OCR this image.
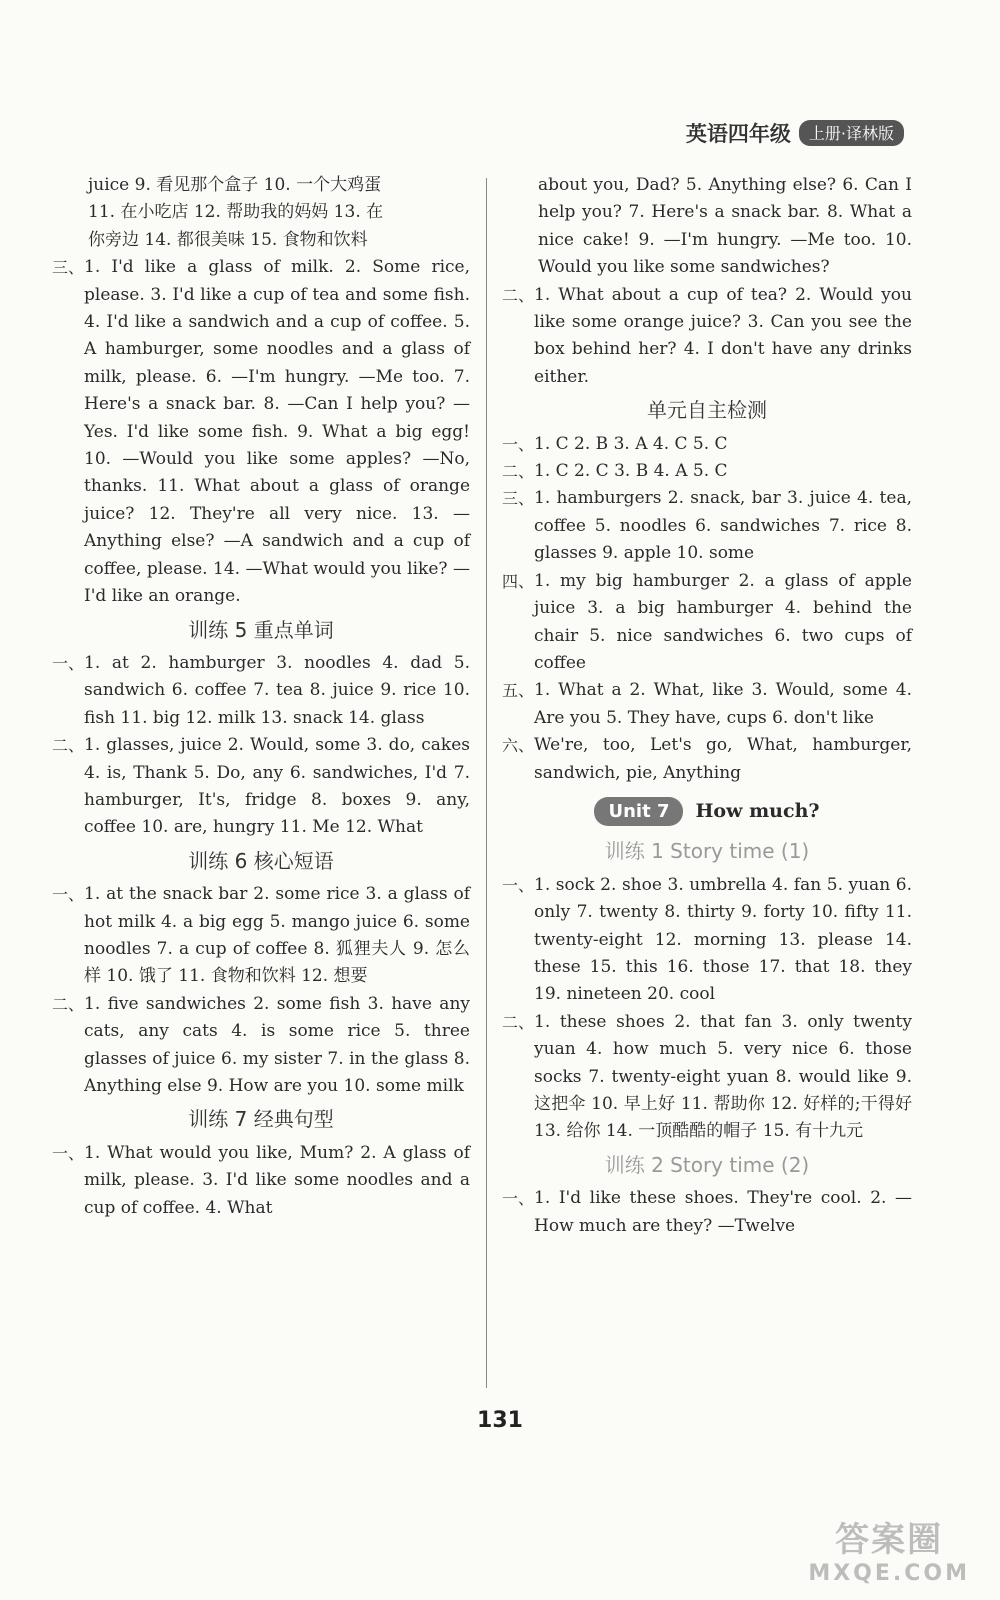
英语四年级	上册·译林版
juice 9. 看见那个盒子 10. 一个大鸡蛋
11. 在小吃店 12. 帮助我的妈妈 13. 在
你旁边 14. 都很美味 15. 食物和饮料
三、 1. I'd like a glass of milk. 2. Some rice, please. 3. I'd like a cup of tea and some fish. 4. I'd like a sandwich and a cup of coffee. 5. A hamburger, some noodles and a glass of milk, please. 6. —I'm hungry. —Me too. 7. Here's a snack bar. 8. —Can I help you? —Yes. I'd like some fish. 9. What a big egg! 10. —Would you like some apples? —No, thanks. 11. What about a glass of orange juice? 12. They're all very nice. 13. —Anything else? —A sandwich and a cup of coffee, please. 14. —What would you like? —I'd like an orange.
训练 5 重点单词
一、 1. at 2. hamburger 3. noodles 4. dad 5. sandwich 6. coffee 7. tea 8. juice 9. rice 10. fish 11. big 12. milk 13. snack 14. glass
二、 1. glasses, juice 2. Would, some 3. do, cakes 4. is, Thank 5. Do, any 6. sandwiches, I'd 7. hamburger, It's, fridge 8. boxes 9. any, coffee 10. are, hungry 11. Me 12. What
训练 6 核心短语
一、 1. at the snack bar 2. some rice 3. a glass of hot milk 4. a big egg 5. mango juice 6. some noodles 7. a cup of coffee 8. 狐狸夫人 9. 怎么样 10. 饿了 11. 食物和饮料 12. 想要
二、 1. five sandwiches 2. some fish 3. have any cats, any cats 4. is some rice 5. three glasses of juice 6. my sister 7. in the glass 8. Anything else 9. How are you 10. some milk
训练 7 经典句型
一、 1. What would you like, Mum? 2. A glass of milk, please. 3. I'd like some noodles and a cup of coffee. 4. What
about you, Dad? 5. Anything else? 6. Can I help you? 7. Here's a snack bar. 8. What a nice cake! 9. —I'm hungry. —Me too. 10. Would you like some sandwiches?
二、 1. What about a cup of tea? 2. Would you like some orange juice? 3. Can you see the box behind her? 4. I don't have any drinks either.
单元自主检测
一、 1. C 2. B 3. A 4. C 5. C
二、 1. C 2. C 3. B 4. A 5. C
三、 1. hamburgers 2. snack, bar 3. juice 4. tea, coffee 5. noodles 6. sandwiches 7. rice 8. glasses 9. apple 10. some
四、 1. my big hamburger 2. a glass of apple juice 3. a big hamburger 4. behind the chair 5. nice sandwiches 6. two cups of coffee
五、 1. What a 2. What, like 3. Would, some 4. Are you 5. They have, cups 6. don't like
六、 We're, too, Let's go, What, hamburger, sandwich, pie, Anything
Unit 7	How much?
训练 1 Story time (1)
一、 1. sock 2. shoe 3. umbrella 4. fan 5. yuan 6. only 7. twenty 8. thirty 9. forty 10. fifty 11. twenty-eight 12. morning 13. please 14. these 15. this 16. those 17. that 18. they 19. nineteen 20. cool
二、 1. these shoes 2. that fan 3. only twenty yuan 4. how much 5. very nice 6. those socks 7. twenty-eight yuan 8. would like 9. 这把伞 10. 早上好 11. 帮助你 12. 好样的;干得好 13. 给你 14. 一顶酷酷的帽子 15. 有十九元
训练 2 Story time (2)
一、 1. I'd like these shoes. They're cool. 2. —How much are they? —Twelve
131
答案圈
MXQE.COM
